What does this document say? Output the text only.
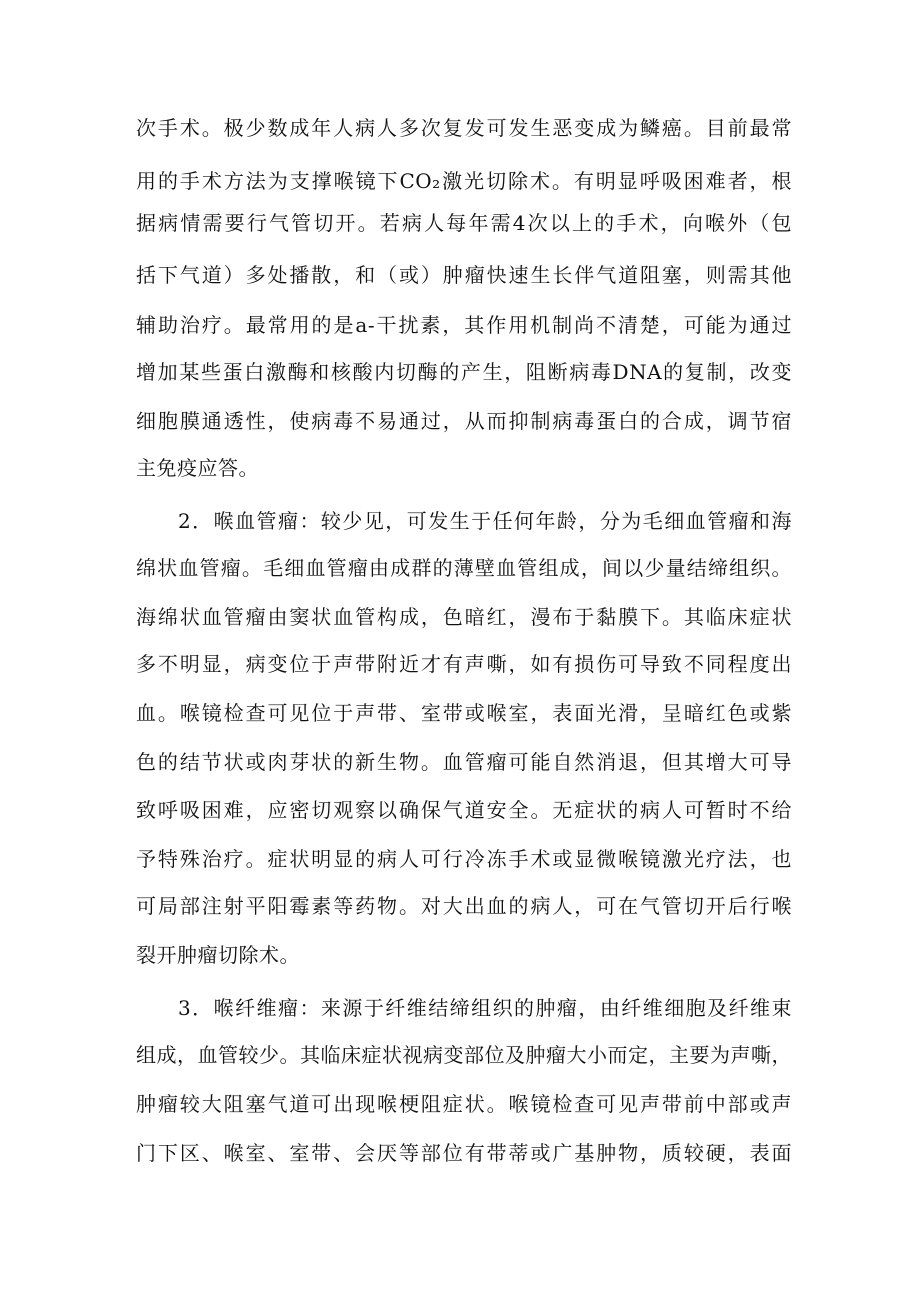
次手术。极少数成年人病人多次复发可发生恶变成为鳞癌。目前最常
用的手术方法为支撑喉镜下CO₂激光切除术。有明显呼吸困难者，根
据病情需要行气管切开。若病人每年需4次以上的手术，向喉外（包
括下气道）多处播散，和（或）肿瘤快速生长伴气道阻塞，则需其他
辅助治疗。最常用的是a-干扰素，其作用机制尚不清楚，可能为通过
增加某些蛋白激酶和核酸内切酶的产生，阻断病毒DNA的复制，改变
细胞膜通透性，使病毒不易通过，从而抑制病毒蛋白的合成，调节宿
主免疫应答。
2．喉血管瘤：较少见，可发生于任何年龄，分为毛细血管瘤和海
绵状血管瘤。毛细血管瘤由成群的薄壁血管组成，间以少量结缔组织。
海绵状血管瘤由窦状血管构成，色暗红，漫布于黏膜下。其临床症状
多不明显，病变位于声带附近才有声嘶，如有损伤可导致不同程度出
血。喉镜检查可见位于声带、室带或喉室，表面光滑，呈暗红色或紫
色的结节状或肉芽状的新生物。血管瘤可能自然消退，但其增大可导
致呼吸困难，应密切观察以确保气道安全。无症状的病人可暂时不给
予特殊治疗。症状明显的病人可行冷冻手术或显微喉镜激光疗法，也
可局部注射平阳霉素等药物。对大出血的病人，可在气管切开后行喉
裂开肿瘤切除术。
3．喉纤维瘤：来源于纤维结缔组织的肿瘤，由纤维细胞及纤维束
组成，血管较少。其临床症状视病变部位及肿瘤大小而定，主要为声嘶，
肿瘤较大阻塞气道可出现喉梗阻症状。喉镜检查可见声带前中部或声
门下区、喉室、室带、会厌等部位有带蒂或广基肿物，质较硬，表面
